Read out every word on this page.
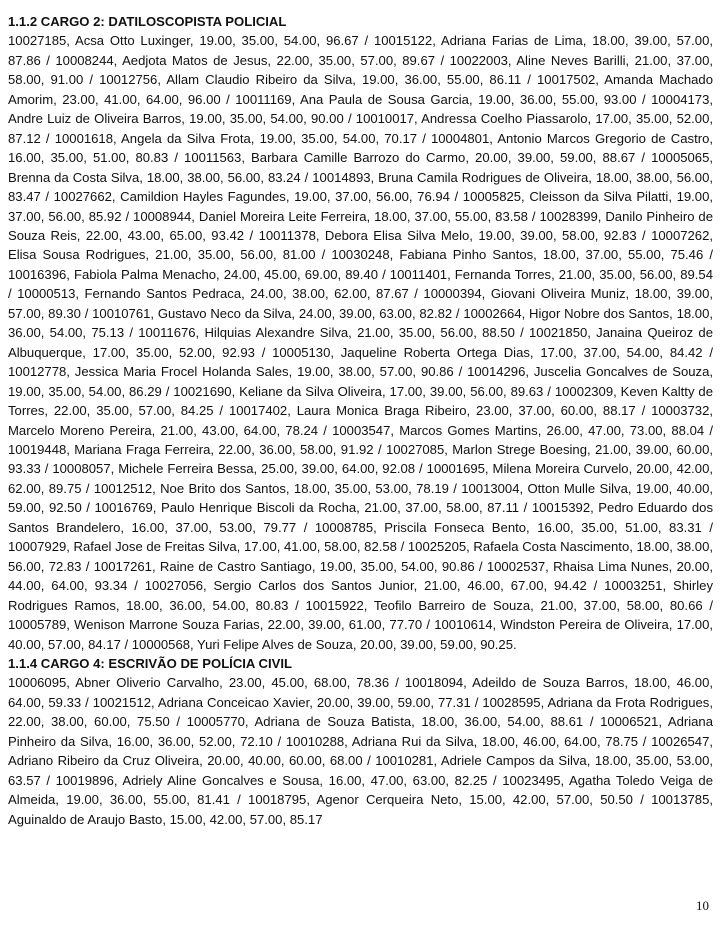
1.1.2 CARGO 2: DATILOSCOPISTA POLICIAL
10027185, Acsa Otto Luxinger, 19.00, 35.00, 54.00, 96.67 / 10015122, Adriana Farias de Lima, 18.00, 39.00, 57.00, 87.86 / 10008244, Aedjota Matos de Jesus, 22.00, 35.00, 57.00, 89.67 / 10022003, Aline Neves Barilli, 21.00, 37.00, 58.00, 91.00 / 10012756, Allam Claudio Ribeiro da Silva, 19.00, 36.00, 55.00, 86.11 / 10017502, Amanda Machado Amorim, 23.00, 41.00, 64.00, 96.00 / 10011169, Ana Paula de Sousa Garcia, 19.00, 36.00, 55.00, 93.00 / 10004173, Andre Luiz de Oliveira Barros, 19.00, 35.00, 54.00, 90.00 / 10010017, Andressa Coelho Piassarolo, 17.00, 35.00, 52.00, 87.12 / 10001618, Angela da Silva Frota, 19.00, 35.00, 54.00, 70.17 / 10004801, Antonio Marcos Gregorio de Castro, 16.00, 35.00, 51.00, 80.83 / 10011563, Barbara Camille Barrozo do Carmo, 20.00, 39.00, 59.00, 88.67 / 10005065, Brenna da Costa Silva, 18.00, 38.00, 56.00, 83.24 / 10014893, Bruna Camila Rodrigues de Oliveira, 18.00, 38.00, 56.00, 83.47 / 10027662, Camildion Hayles Fagundes, 19.00, 37.00, 56.00, 76.94 / 10005825, Cleisson da Silva Pilatti, 19.00, 37.00, 56.00, 85.92 / 10008944, Daniel Moreira Leite Ferreira, 18.00, 37.00, 55.00, 83.58 / 10028399, Danilo Pinheiro de Souza Reis, 22.00, 43.00, 65.00, 93.42 / 10011378, Debora Elisa Silva Melo, 19.00, 39.00, 58.00, 92.83 / 10007262, Elisa Sousa Rodrigues, 21.00, 35.00, 56.00, 81.00 / 10030248, Fabiana Pinho Santos, 18.00, 37.00, 55.00, 75.46 / 10016396, Fabiola Palma Menacho, 24.00, 45.00, 69.00, 89.40 / 10011401, Fernanda Torres, 21.00, 35.00, 56.00, 89.54 / 10000513, Fernando Santos Pedraca, 24.00, 38.00, 62.00, 87.67 / 10000394, Giovani Oliveira Muniz, 18.00, 39.00, 57.00, 89.30 / 10010761, Gustavo Neco da Silva, 24.00, 39.00, 63.00, 82.82 / 10002664, Higor Nobre dos Santos, 18.00, 36.00, 54.00, 75.13 / 10011676, Hilquias Alexandre Silva, 21.00, 35.00, 56.00, 88.50 / 10021850, Janaina Queiroz de Albuquerque, 17.00, 35.00, 52.00, 92.93 / 10005130, Jaqueline Roberta Ortega Dias, 17.00, 37.00, 54.00, 84.42 / 10012778, Jessica Maria Frocel Holanda Sales, 19.00, 38.00, 57.00, 90.86 / 10014296, Juscelia Goncalves de Souza, 19.00, 35.00, 54.00, 86.29 / 10021690, Keliane da Silva Oliveira, 17.00, 39.00, 56.00, 89.63 / 10002309, Keven Kaltty de Torres, 22.00, 35.00, 57.00, 84.25 / 10017402, Laura Monica Braga Ribeiro, 23.00, 37.00, 60.00, 88.17 / 10003732, Marcelo Moreno Pereira, 21.00, 43.00, 64.00, 78.24 / 10003547, Marcos Gomes Martins, 26.00, 47.00, 73.00, 88.04 / 10019448, Mariana Fraga Ferreira, 22.00, 36.00, 58.00, 91.92 / 10027085, Marlon Strege Boesing, 21.00, 39.00, 60.00, 93.33 / 10008057, Michele Ferreira Bessa, 25.00, 39.00, 64.00, 92.08 / 10001695, Milena Moreira Curvelo, 20.00, 42.00, 62.00, 89.75 / 10012512, Noe Brito dos Santos, 18.00, 35.00, 53.00, 78.19 / 10013004, Otton Mulle Silva, 19.00, 40.00, 59.00, 92.50 / 10016769, Paulo Henrique Biscoli da Rocha, 21.00, 37.00, 58.00, 87.11 / 10015392, Pedro Eduardo dos Santos Brandelero, 16.00, 37.00, 53.00, 79.77 / 10008785, Priscila Fonseca Bento, 16.00, 35.00, 51.00, 83.31 / 10007929, Rafael Jose de Freitas Silva, 17.00, 41.00, 58.00, 82.58 / 10025205, Rafaela Costa Nascimento, 18.00, 38.00, 56.00, 72.83 / 10017261, Raine de Castro Santiago, 19.00, 35.00, 54.00, 90.86 / 10002537, Rhaisa Lima Nunes, 20.00, 44.00, 64.00, 93.34 / 10027056, Sergio Carlos dos Santos Junior, 21.00, 46.00, 67.00, 94.42 / 10003251, Shirley Rodrigues Ramos, 18.00, 36.00, 54.00, 80.83 / 10015922, Teofilo Barreiro de Souza, 21.00, 37.00, 58.00, 80.66 / 10005789, Wenison Marrone Souza Farias, 22.00, 39.00, 61.00, 77.70 / 10010614, Windston Pereira de Oliveira, 17.00, 40.00, 57.00, 84.17 / 10000568, Yuri Felipe Alves de Souza, 20.00, 39.00, 59.00, 90.25.
1.1.4 CARGO 4: ESCRIVÃO DE POLÍCIA CIVIL
10006095, Abner Oliverio Carvalho, 23.00, 45.00, 68.00, 78.36 / 10018094, Adeildo de Souza Barros, 18.00, 46.00, 64.00, 59.33 / 10021512, Adriana Conceicao Xavier, 20.00, 39.00, 59.00, 77.31 / 10028595, Adriana da Frota Rodrigues, 22.00, 38.00, 60.00, 75.50 / 10005770, Adriana de Souza Batista, 18.00, 36.00, 54.00, 88.61 / 10006521, Adriana Pinheiro da Silva, 16.00, 36.00, 52.00, 72.10 / 10010288, Adriana Rui da Silva, 18.00, 46.00, 64.00, 78.75 / 10026547, Adriano Ribeiro da Cruz Oliveira, 20.00, 40.00, 60.00, 68.00 / 10010281, Adriele Campos da Silva, 18.00, 35.00, 53.00, 63.57 / 10019896, Adriely Aline Goncalves e Sousa, 16.00, 47.00, 63.00, 82.25 / 10023495, Agatha Toledo Veiga de Almeida, 19.00, 36.00, 55.00, 81.41 / 10018795, Agenor Cerqueira Neto, 15.00, 42.00, 57.00, 50.50 / 10013785, Aguinaldo de Araujo Basto, 15.00, 42.00, 57.00, 85.17
10
